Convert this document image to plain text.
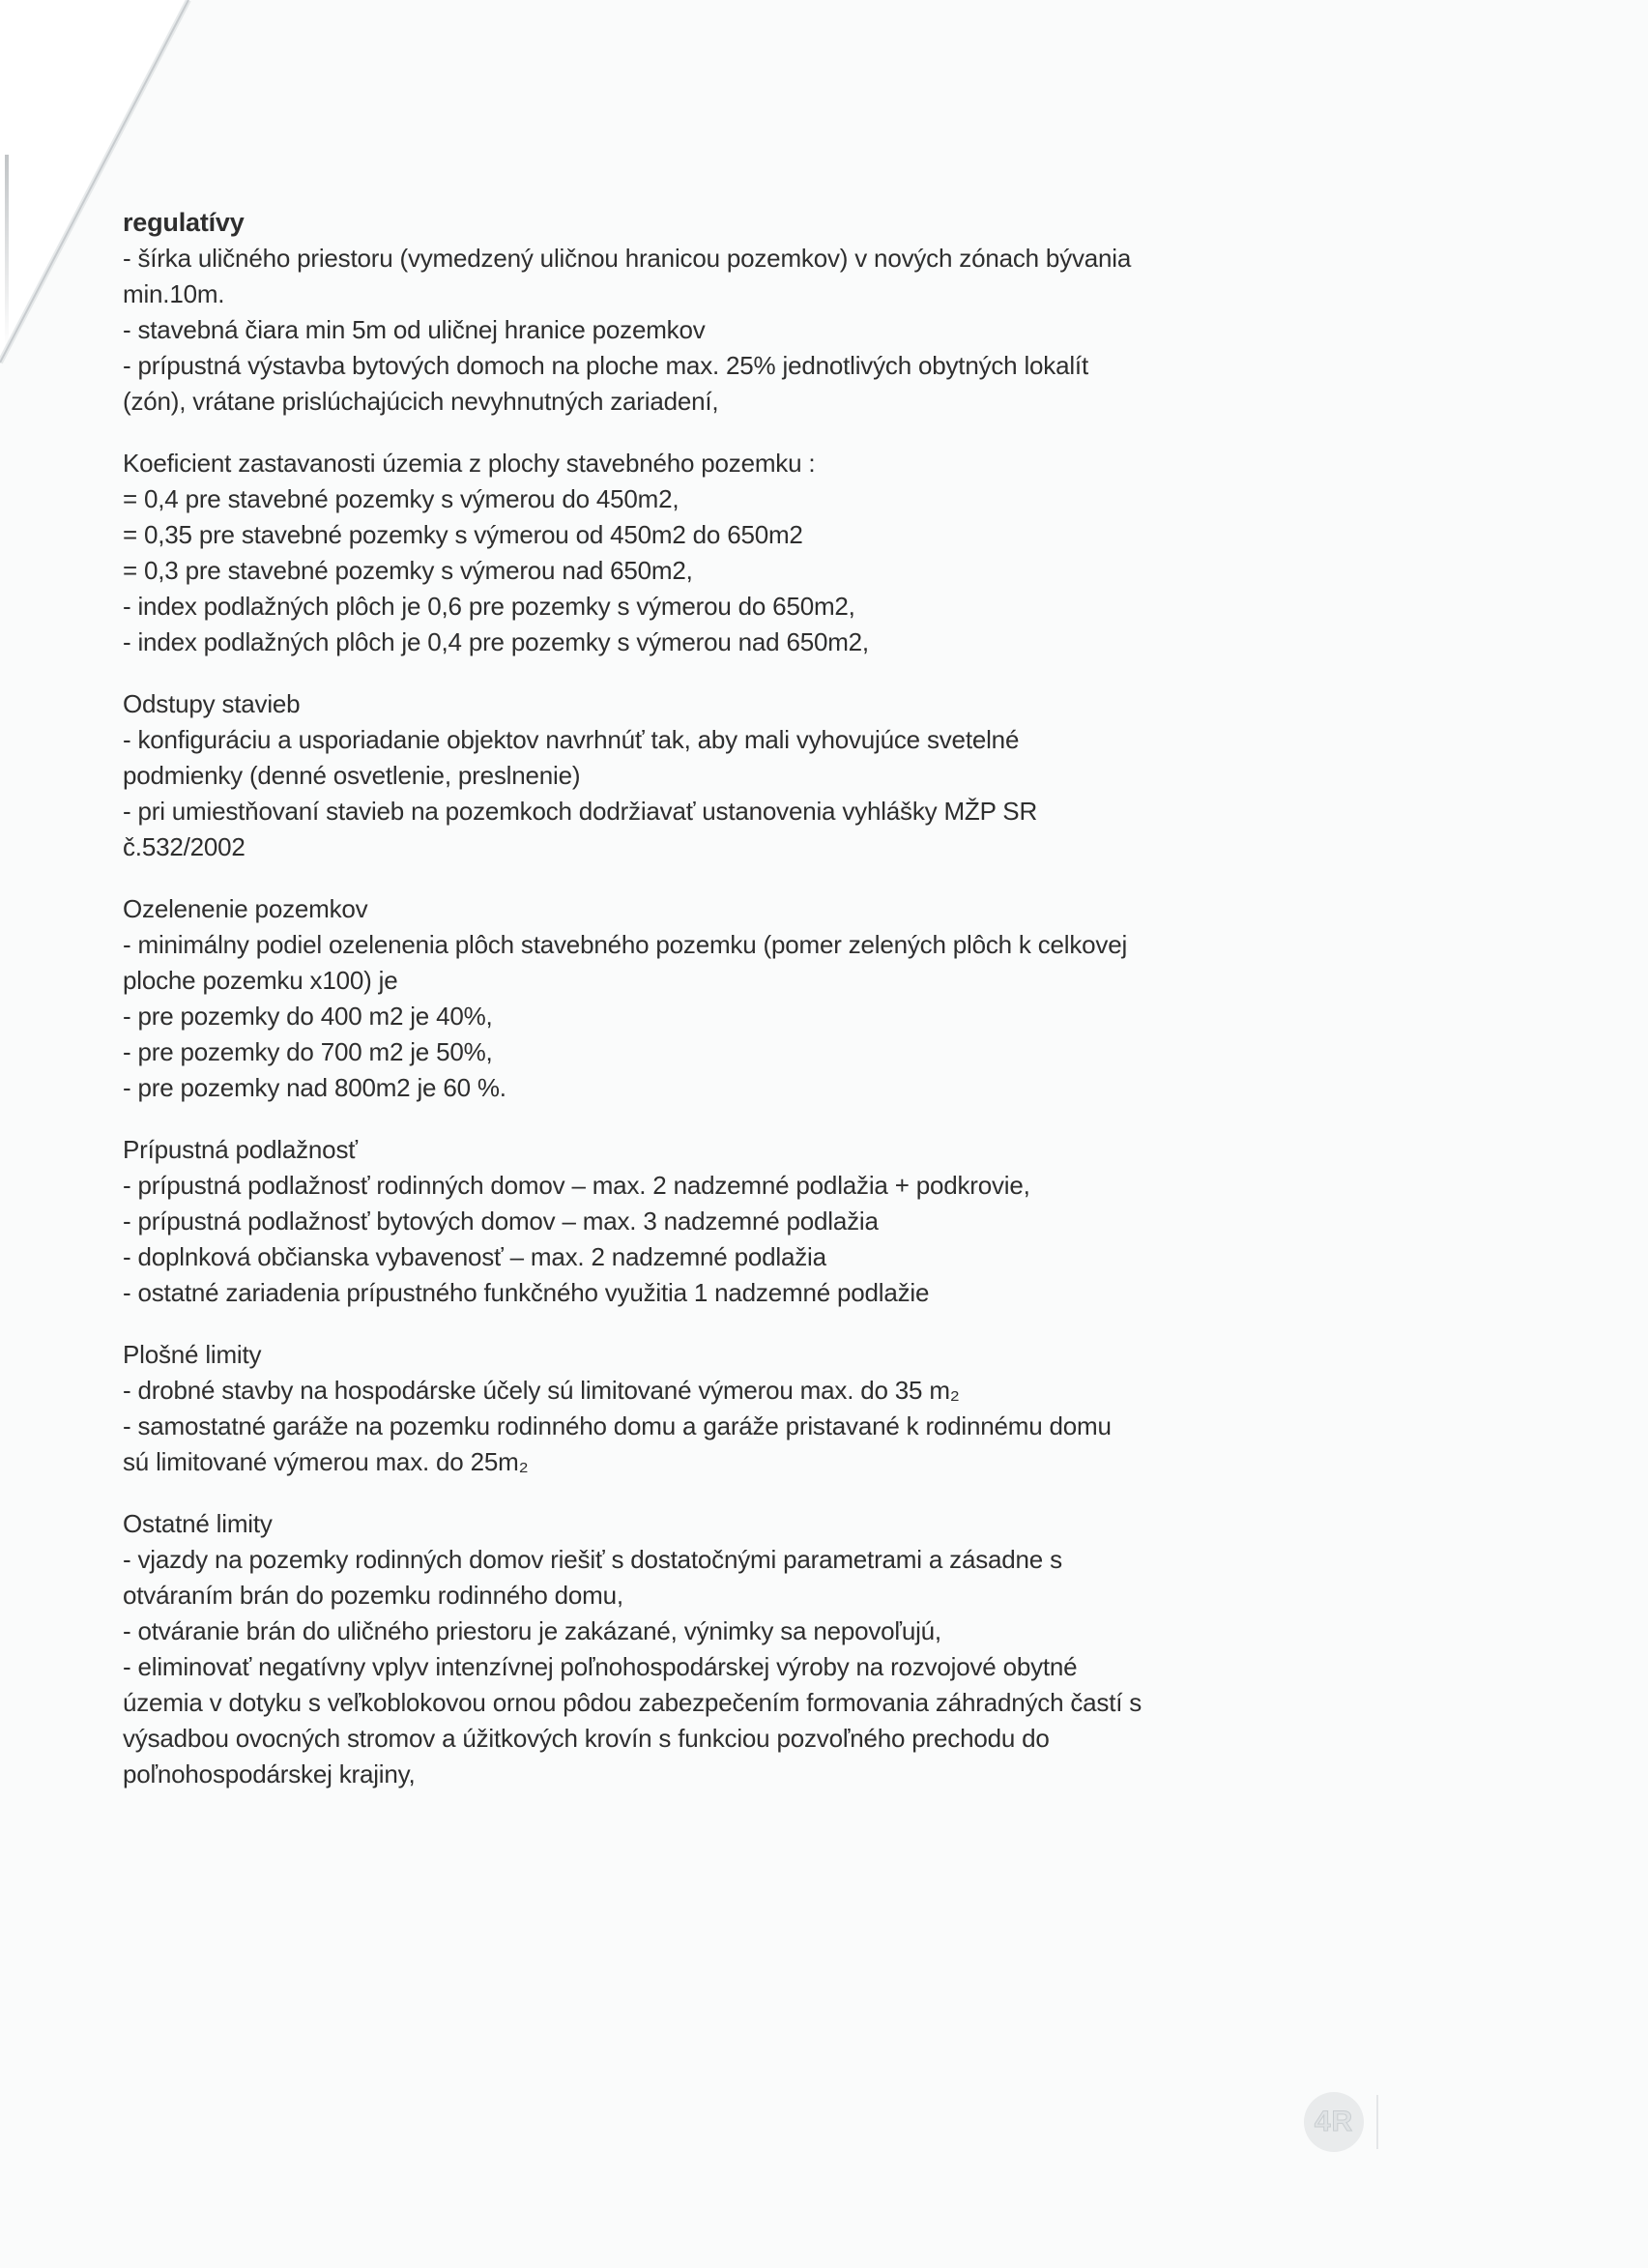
regulatívy
- šírka uličného priestoru (vymedzený uličnou hranicou pozemkov) v nových zónach bývania
min.10m.
- stavebná čiara min 5m od uličnej hranice pozemkov
- prípustná výstavba bytových domoch na ploche max. 25% jednotlivých obytných lokalít
(zón), vrátane prislúchajúcich nevyhnutných zariadení,
Koeficient zastavanosti územia z plochy stavebného pozemku :
= 0,4 pre stavebné pozemky s výmerou do 450m2,
= 0,35 pre stavebné pozemky s výmerou od 450m2 do 650m2
= 0,3 pre stavebné pozemky s výmerou nad 650m2,
- index podlažných plôch je 0,6 pre pozemky s výmerou do 650m2,
- index podlažných plôch je 0,4 pre pozemky s výmerou nad 650m2,
Odstupy stavieb
- konfiguráciu a usporiadanie objektov navrhnúť tak, aby mali vyhovujúce svetelné
podmienky (denné osvetlenie, preslnenie)
- pri umiestňovaní stavieb na pozemkoch dodržiavať ustanovenia vyhlášky MŽP SR
č.532/2002
Ozelenenie pozemkov
- minimálny podiel ozelenenia plôch stavebného pozemku (pomer zelených plôch k celkovej
ploche pozemku x100) je
- pre pozemky do 400 m2 je 40%,
- pre pozemky do 700 m2 je 50%,
- pre pozemky nad 800m2 je 60 %.
Prípustná podlažnosť
- prípustná podlažnosť rodinných domov – max. 2 nadzemné podlažia + podkrovie,
- prípustná podlažnosť bytových domov – max. 3 nadzemné podlažia
- doplnková občianska vybavenosť – max. 2 nadzemné podlažia
- ostatné zariadenia prípustného funkčného využitia 1 nadzemné podlažie
Plošné limity
- drobné stavby na hospodárske účely sú limitované výmerou max. do 35 m₂
- samostatné garáže na pozemku rodinného domu a garáže pristavané k rodinnému domu
sú limitované výmerou max. do 25m₂
Ostatné limity
- vjazdy na pozemky rodinných domov riešiť s dostatočnými parametrami a zásadne s
otváraním brán do pozemku rodinného domu,
- otváranie brán do uličného priestoru je zakázané, výnimky sa nepovoľujú,
- eliminovať negatívny vplyv intenzívnej poľnohospodárskej výroby na rozvojové obytné
územia v dotyku s veľkoblokovou ornou pôdou zabezpečením formovania záhradných častí s
výsadbou ovocných stromov a úžitkových krovín s funkciou pozvoľného prechodu do
poľnohospodárskej krajiny,
4R
